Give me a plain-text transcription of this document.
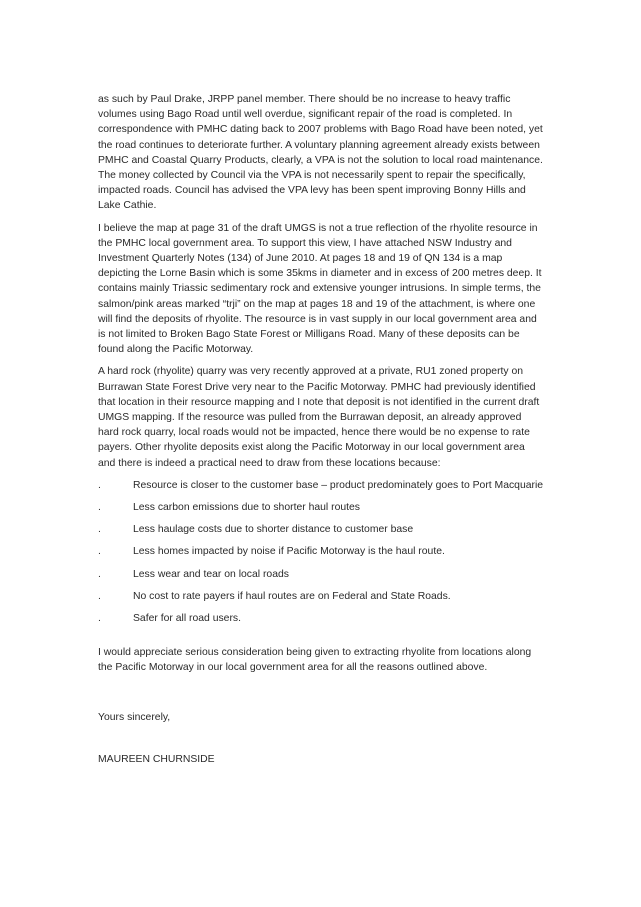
as such by Paul Drake, JRPP panel member. There should be no increase to heavy traffic volumes using Bago Road until well overdue, significant repair of the road is completed. In correspondence with PMHC dating back to 2007 problems with Bago Road have been noted, yet the road continues to deteriorate further. A voluntary planning agreement already exists between PMHC and Coastal Quarry Products, clearly, a VPA is not the solution to local road maintenance. The money collected by Council via the VPA is not necessarily spent to repair the specifically, impacted roads. Council has advised the VPA levy has been spent improving Bonny Hills and Lake Cathie.

I believe the map at page 31 of the draft UMGS is not a true reflection of the rhyolite resource in the PMHC local government area. To support this view, I have attached NSW Industry and Investment Quarterly Notes (134) of June 2010. At pages 18 and 19 of QN 134 is a map depicting the Lorne Basin which is some 35kms in diameter and in excess of 200 metres deep. It contains mainly Triassic sedimentary rock and extensive younger intrusions. In simple terms, the salmon/pink areas marked “trji” on the map at pages 18 and 19 of the attachment, is where one will find the deposits of rhyolite. The resource is in vast supply in our local government area and is not limited to Broken Bago State Forest or Milligans Road. Many of these deposits can be found along the Pacific Motorway.

A hard rock (rhyolite) quarry was very recently approved at a private, RU1 zoned property on Burrawan State Forest Drive very near to the Pacific Motorway. PMHC had previously identified that location in their resource mapping and I note that deposit is not identified in the current draft UMGS mapping. If the resource was pulled from the Burrawan deposit, an already approved hard rock quarry, local roads would not be impacted, hence there would be no expense to rate payers. Other rhyolite deposits exist along the Pacific Motorway in our local government area and there is indeed a practical need to draw from these locations because:

.	Resource is closer to the customer base – product predominately goes to Port Macquarie
.	Less carbon emissions due to shorter haul routes
.	Less haulage costs due to shorter distance to customer base
.	Less homes impacted by noise if Pacific Motorway is the haul route.
.	Less wear and tear on local roads
.	No cost to rate payers if haul routes are on Federal and State Roads.
.	Safer for all road users.

I would appreciate serious consideration being given to extracting rhyolite from locations along the Pacific Motorway in our local government area for all the reasons outlined above.

Yours sincerely,

MAUREEN CHURNSIDE
